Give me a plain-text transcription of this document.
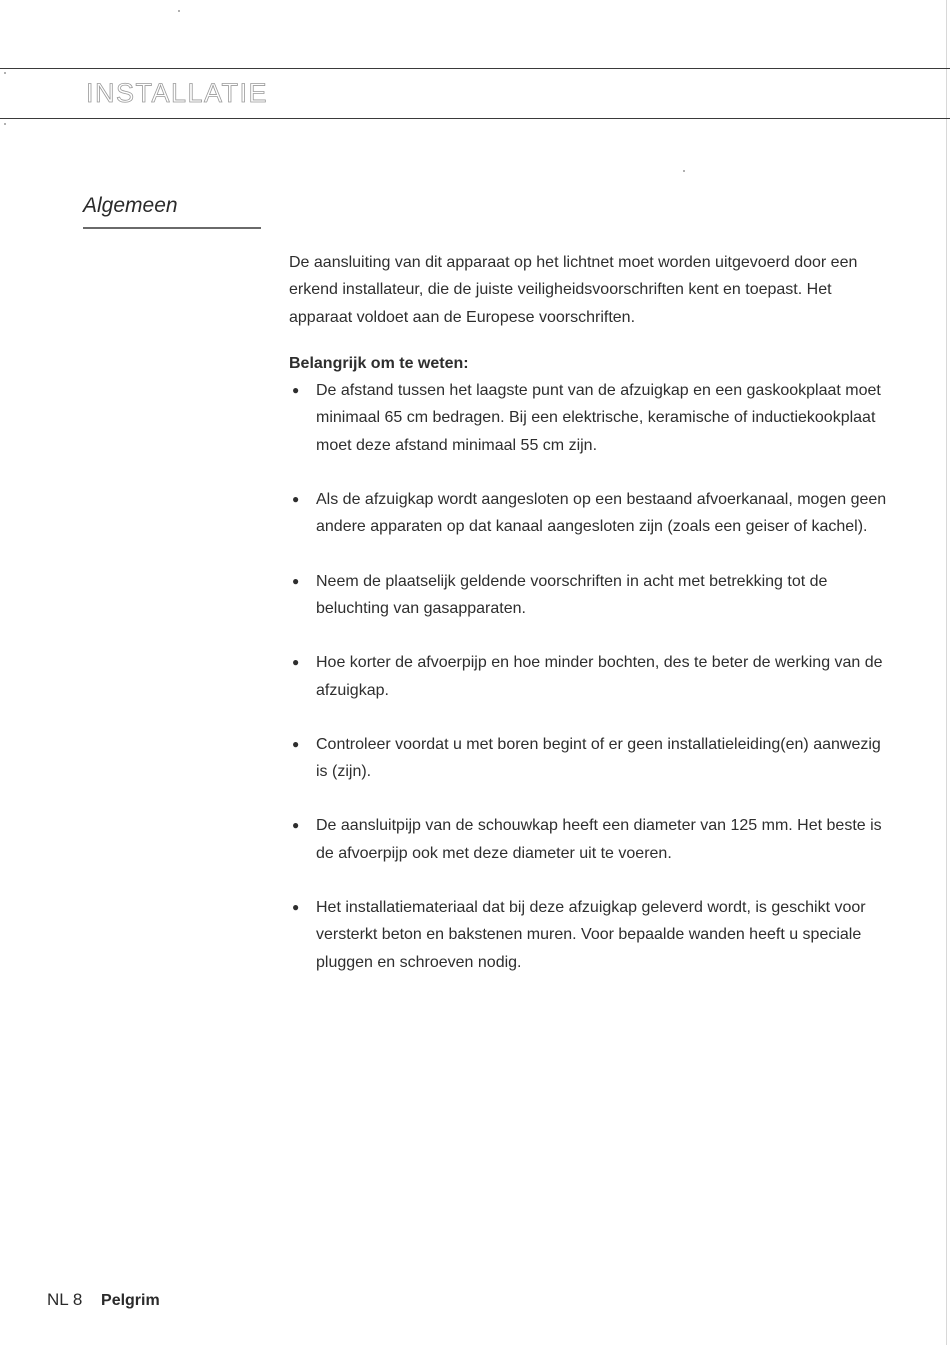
INSTALLATIE
Algemeen

De aansluiting van dit apparaat op het lichtnet moet worden uitgevoerd door een erkend installateur, die de juiste veiligheidsvoorschriften kent en toepast. Het apparaat voldoet aan de Europese voorschriften.

Belangrijk om te weten:

● De afstand tussen het laagste punt van de afzuigkap en een gaskookplaat moet minimaal 65 cm bedragen. Bij een elektrische, keramische of inductiekookplaat moet deze afstand minimaal 55 cm zijn.
● Als de afzuigkap wordt aangesloten op een bestaand afvoerkanaal, mogen geen andere apparaten op dat kanaal aangesloten zijn (zoals een geiser of kachel).
● Neem de plaatselijk geldende voorschriften in acht met betrekking tot de beluchting van gasapparaten.
● Hoe korter de afvoerpijp en hoe minder bochten, des te beter de werking van de afzuigkap.
● Controleer voordat u met boren begint of er geen installatieleiding(en) aanwezig is (zijn).
● De aansluitpijp van de schouwkap heeft een diameter van 125 mm. Het beste is de afvoerpijp ook met deze diameter uit te voeren.
● Het installatiemateriaal dat bij deze afzuigkap geleverd wordt, is geschikt voor versterkt beton en bakstenen muren. Voor bepaalde wanden heeft u speciale pluggen en schroeven nodig.
NL 8 Pelgrim
